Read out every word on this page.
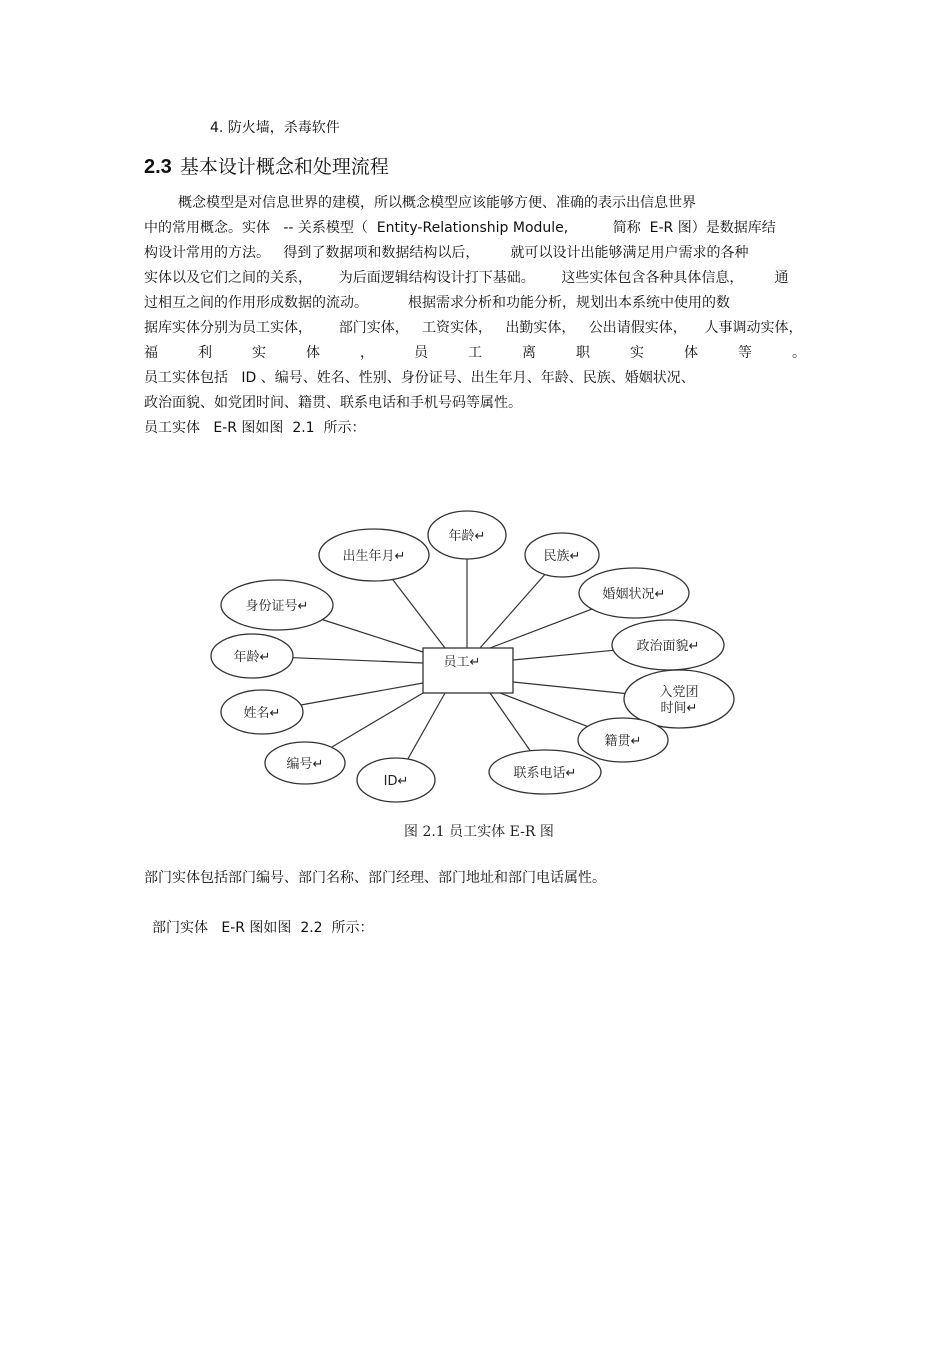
4. 防火墙，杀毒软件
2.3 基本设计概念和处理流程
概念模型是对信息世界的建模，所以概念模型应该能够方便、准确的表示出信息世界
中的常用概念。实体   -- 关系模型（  Entity-Relationship Module,          简称  E-R 图）是数据库结
构设计常用的方法。   得到了数据项和数据结构以后，       就可以设计出能够满足用户需求的各种
实体以及它们之间的关系，      为后面逻辑结构设计打下基础。      这些实体包含各种具体信息，       通
过相互之间的作用形成数据的流动。         根据需求分析和功能分析，规划出本系统中使用的数
据库实体分别为员工实体，      部门实体，   工资实体，   出勤实体，   公出请假实体，    人事调动实体，
福	利	实	体	，	员	工	离	职	实	体	等	。
员工实体包括   ID 、编号、姓名、性别、身份证号、出生年月、年龄、民族、婚姻状况、
政治面貌、如党团时间、籍贯、联系电话和手机号码等属性。
员工实体   E-R 图如图  2.1  所示：
年龄↵
出生年月↵	民族↵
婚姻状况↵
身份证号↵
政治面貌↵
年龄↵
入党团时间↵
姓名↵
籍贯↵
编号↵
联系电话↵
ID↵
员工↵
图 2.1 员工实体 E-R 图
部门实体包括部门编号、部门名称、部门经理、部门地址和部门电话属性。
部门实体   E-R 图如图  2.2  所示：
